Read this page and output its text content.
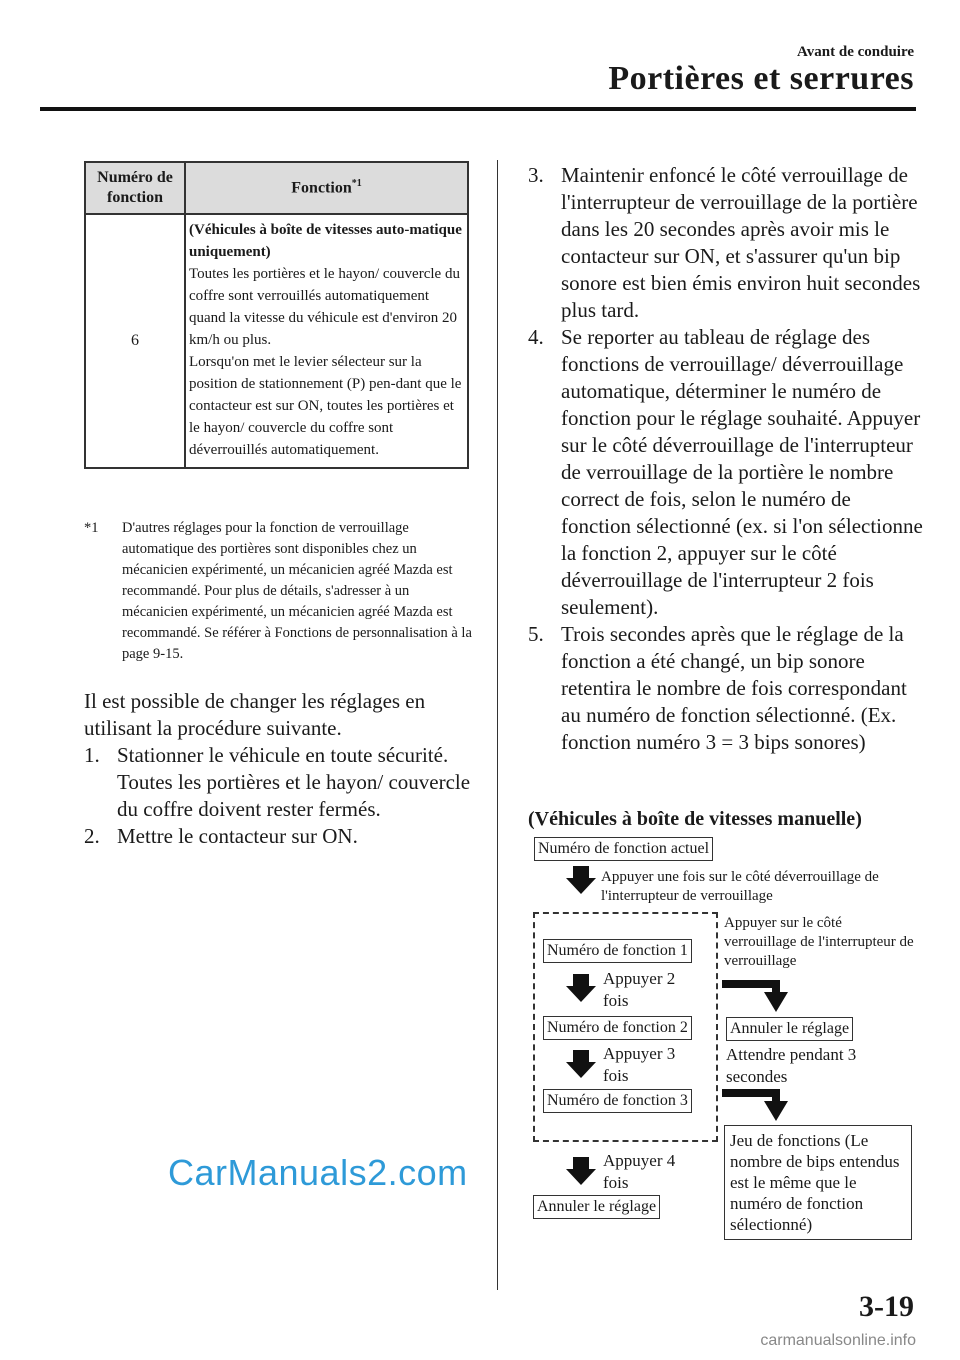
Avant de conduire
Portières et serrures
Numéro de fonction	Fonction$^{*1}$
6	(Véhicules à boîte de vitesses auto-matique uniquement)
Toutes les portières et le hayon/ couvercle du coffre sont verrouillés automatiquement quand la vitesse du véhicule est d'environ 20 km/h ou plus.
Lorsqu'on met le levier sélecteur sur la position de stationnement (P) pen-dant que le contacteur est sur ON, toutes les portières et le hayon/ couvercle du coffre sont déverrouillés automatiquement.
*1	D'autres réglages pour la fonction de verrouillage automatique des portières sont disponibles chez un mécanicien expérimenté, un mécanicien agréé Mazda est recommandé. Pour plus de détails, s'adresser à un mécanicien expérimenté, un mécanicien agréé Mazda est recommandé. Se référer à Fonctions de personnalisation à la page 9-15.
Il est possible de changer les réglages en utilisant la procédure suivante.
1. Stationner le véhicule en toute sécurité. Toutes les portières et le hayon/ couvercle du coffre doivent rester fermés.
2. Mettre le contacteur sur ON.
3. Maintenir enfoncé le côté verrouillage de l'interrupteur de verrouillage de la portière dans les 20 secondes après avoir mis le contacteur sur ON, et s'assurer qu'un bip sonore est bien émis environ huit secondes plus tard.
4. Se reporter au tableau de réglage des fonctions de verrouillage/ déverrouillage automatique, déterminer le numéro de fonction pour le réglage souhaité. Appuyer sur le côté déverrouillage de l'interrupteur de verrouillage de la portière le nombre correct de fois, selon le numéro de fonction sélectionné (ex. si l'on sélectionne la fonction 2, appuyer sur le côté déverrouillage de l'interrupteur 2 fois seulement).
5. Trois secondes après que le réglage de la fonction a été changé, un bip sonore retentira le nombre de fois correspondant au numéro de fonction sélectionné. (Ex. fonction numéro 3 = 3 bips sonores)
(Véhicules à boîte de vitesses manuelle)
Numéro de fonction actuel
Appuyer une fois sur le côté déverrouillage de l'interrupteur de verrouillage
Numéro de fonction 1
Appuyer 2 fois
Numéro de fonction 2
Appuyer 3 fois
Numéro de fonction 3
Appuyer 4 fois
Annuler le réglage
Appuyer sur le côté verrouillage de l'interrupteur de verrouillage
Annuler le réglage
Attendre pendant 3 secondes
Jeu de fonctions (Le nombre de bips entendus est le même que le numéro de fonction sélectionné)
CarManuals2.com
3-19
carmanualsonline.info
